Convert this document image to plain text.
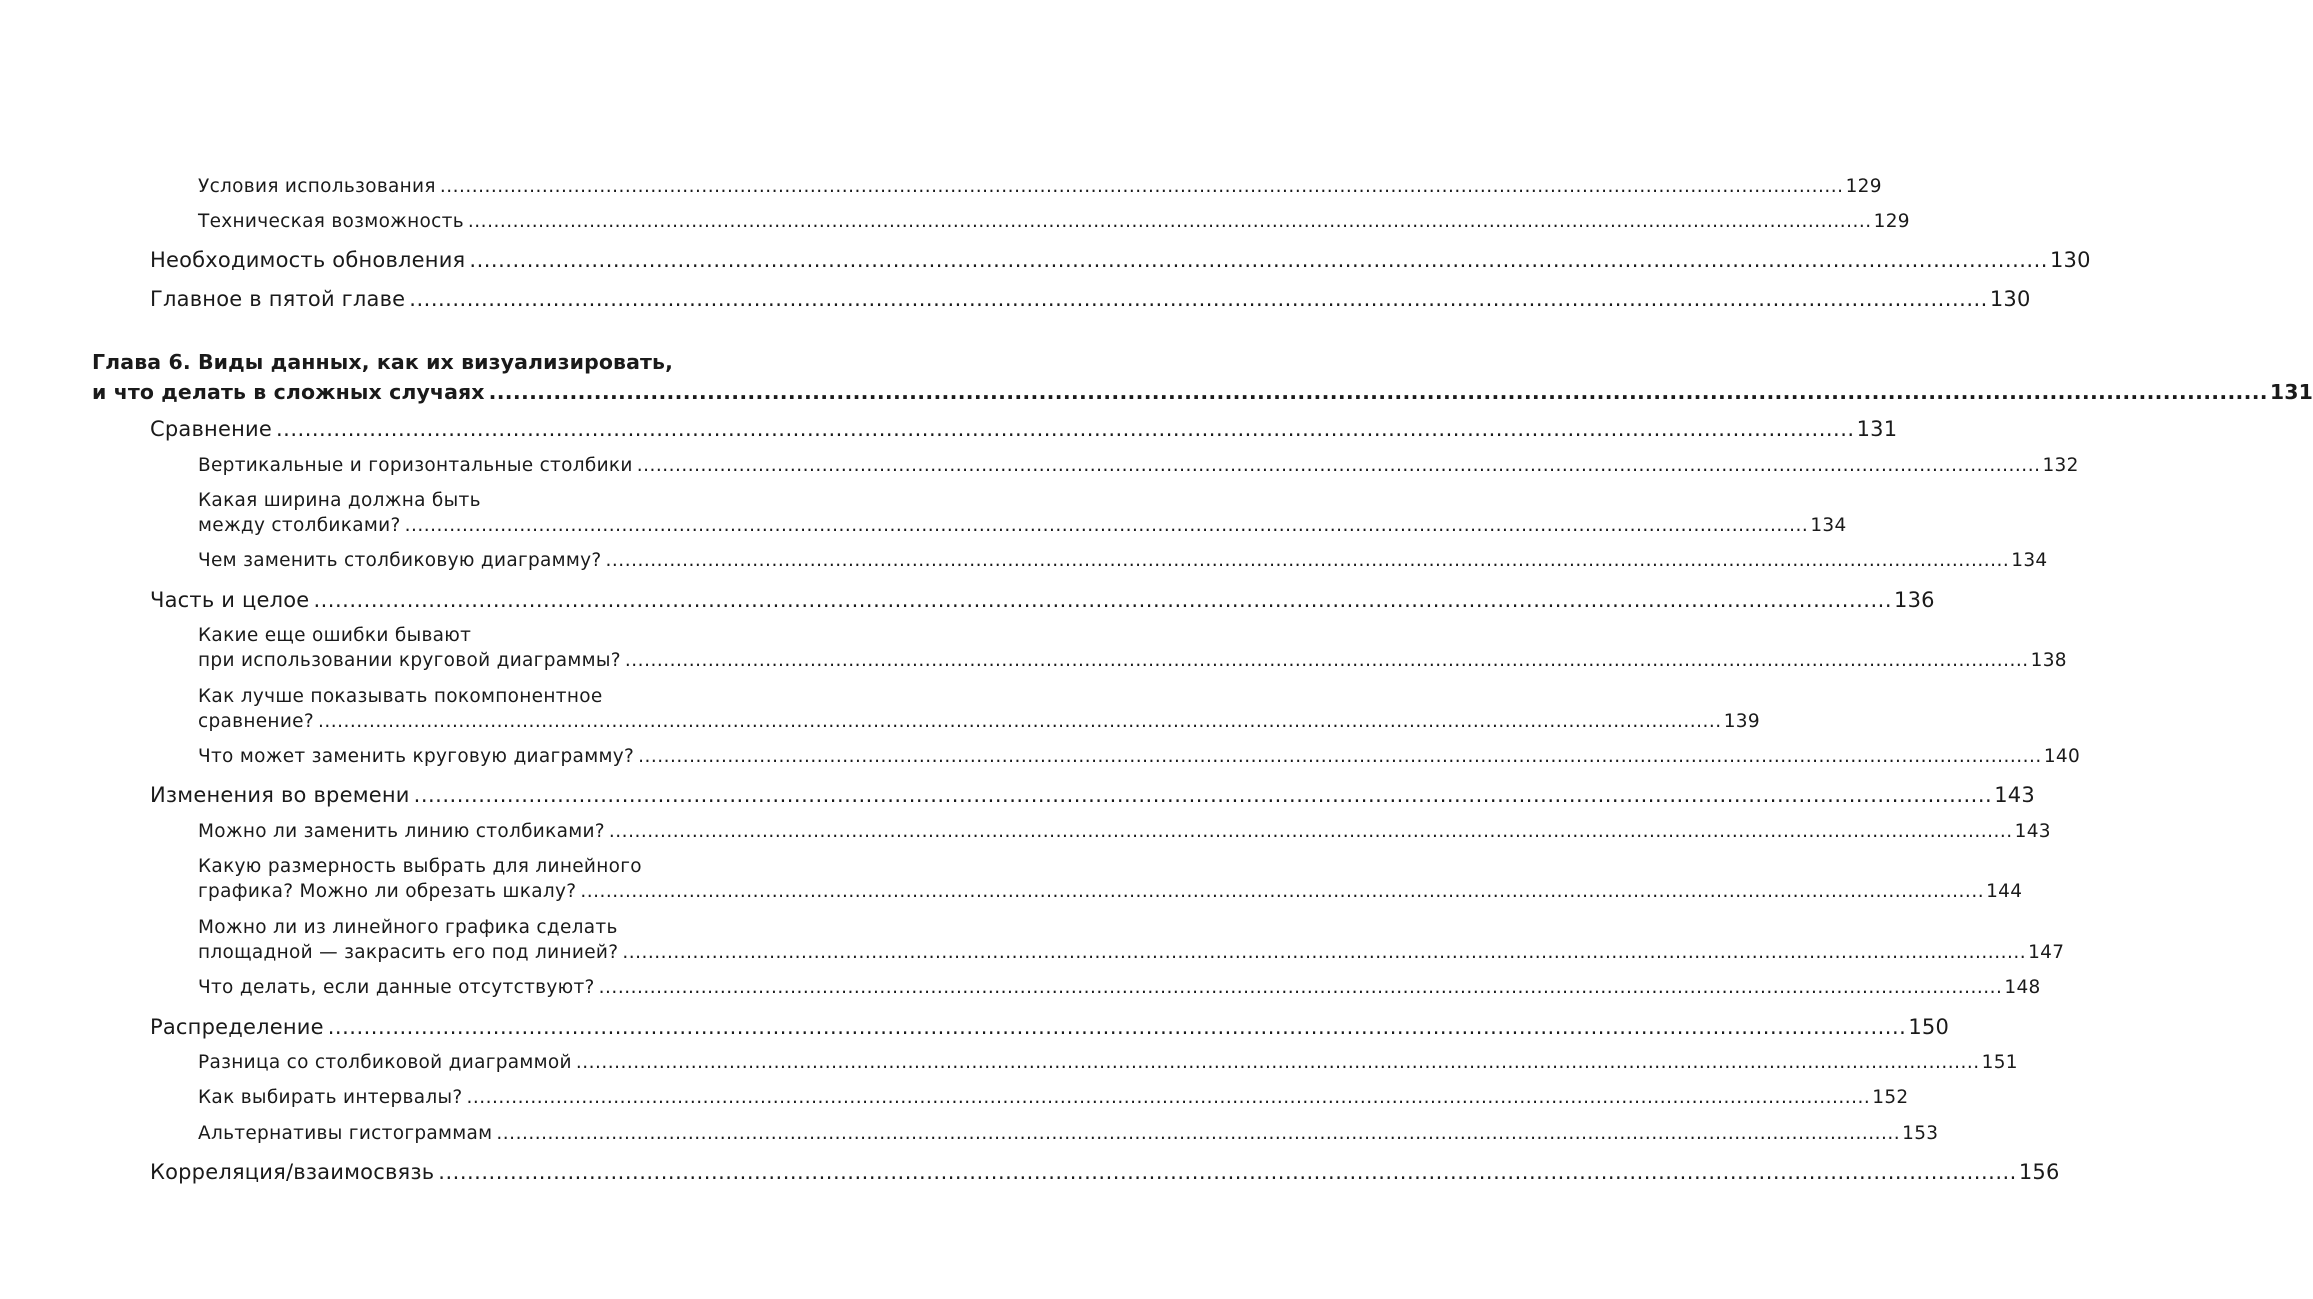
Условия использования ............................................................................................................................................................................................................................ 129
Техническая возможность ............................................................................................................................................................................................................................ 129
Необходимость обновления ............................................................................................................................................................................................................................ 130
Главное в пятой главе ............................................................................................................................................................................................................................ 130
Глава 6. Виды данных, как их визуализировать,
и что делать в сложных случаях ............................................................................................................................................................................................................................ 131
Сравнение ............................................................................................................................................................................................................................ 131
Вертикальные и горизонтальные столбики ............................................................................................................................................................................................................................ 132
Какая ширина должна быть
между столбиками? ............................................................................................................................................................................................................................ 134
Чем заменить столбиковую диаграмму? ............................................................................................................................................................................................................................ 134
Часть и целое ............................................................................................................................................................................................................................ 136
Какие еще ошибки бывают
при использовании круговой диаграммы? ............................................................................................................................................................................................................................ 138
Как лучше показывать покомпонентное
сравнение? ............................................................................................................................................................................................................................ 139
Что может заменить круговую диаграмму? ............................................................................................................................................................................................................................ 140
Изменения во времени ............................................................................................................................................................................................................................ 143
Можно ли заменить линию столбиками? ............................................................................................................................................................................................................................ 143
Какую размерность выбрать для линейного
графика? Можно ли обрезать шкалу? ............................................................................................................................................................................................................................ 144
Можно ли из линейного графика сделать
площадной — закрасить его под линией? ............................................................................................................................................................................................................................ 147
Что делать, если данные отсутствуют? ............................................................................................................................................................................................................................ 148
Распределение ............................................................................................................................................................................................................................ 150
Разница со столбиковой диаграммой ............................................................................................................................................................................................................................ 151
Как выбирать интервалы? ............................................................................................................................................................................................................................ 152
Альтернативы гистограммам ............................................................................................................................................................................................................................ 153
Корреляция/взаимосвязь ............................................................................................................................................................................................................................ 156
